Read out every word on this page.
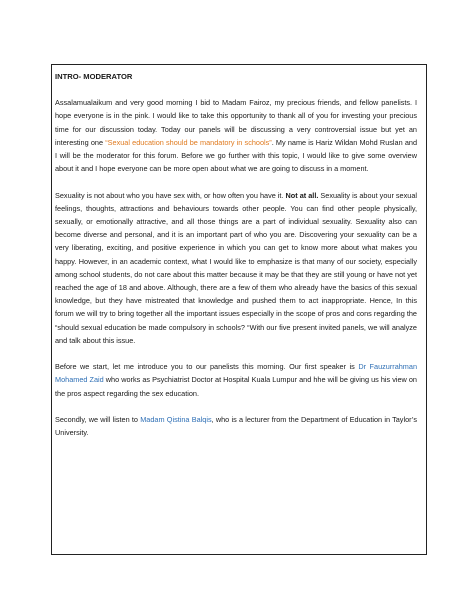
INTRO- MODERATOR

Assalamualaikum and very good morning I bid to Madam Fairoz, my precious friends, and fellow panelists. I hope everyone is in the pink. I would like to take this opportunity to thank all of you for investing your precious time for our discussion today. Today our panels will be discussing a very controversial issue but yet an interesting one “Sexual education should be mandatory in schools”. My name is Hariz Wildan Mohd Ruslan and I will be the moderator for this forum. Before we go further with this topic, I would like to give some overview about it and I hope everyone can be more open about what we are going to discuss in a moment.

Sexuality is not about who you have sex with, or how often you have it. Not at all. Sexuality is about your sexual feelings, thoughts, attractions and behaviours towards other people. You can find other people physically, sexually, or emotionally attractive, and all those things are a part of individual sexuality. Sexuality also can become diverse and personal, and it is an important part of who you are. Discovering your sexuality can be a very liberating, exciting, and positive experience in which you can get to know more about what makes you happy. However, in an academic context, what I would like to emphasize is that many of our society, especially among school students, do not care about this matter because it may be that they are still young or have not yet reached the age of 18 and above. Although, there are a few of them who already have the basics of this sexual knowledge, but they have mistreated that knowledge and pushed them to act inappropriate. Hence, In this forum we will try to bring together all the important issues especially in the scope of pros and cons regarding the “should sexual education be made compulsory in schools? “With our five present invited panels, we will analyze and talk about this issue.

Before we start, let me introduce you to our panelists this morning. Our first speaker is Dr Fauzurrahman Mohamed Zaid who works as Psychiatrist Doctor at Hospital Kuala Lumpur and hhe will be giving us his view on the pros aspect regarding the sex education.

Secondly, we will listen to Madam Qistina Balqis, who is a lecturer from the Department of Education in Taylor’s University.
